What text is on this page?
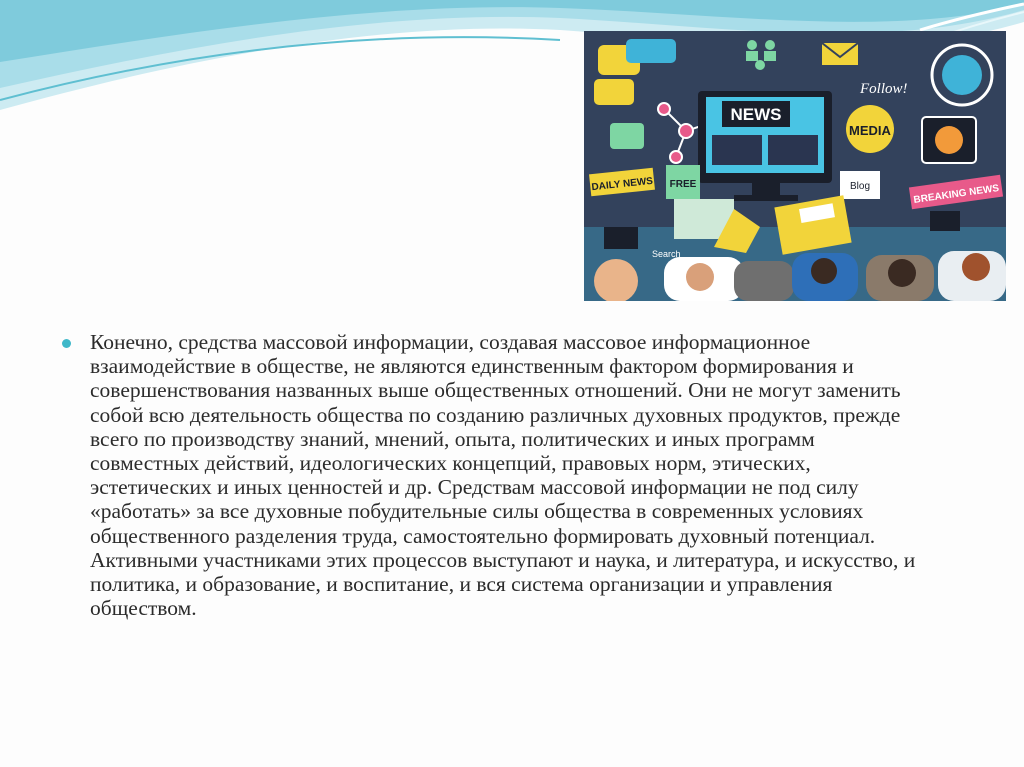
NEWS
Follow!
MEDIA
DAILY NEWS FREE	Blog	BREAKING NEWS
Search

Конечно, средства массовой информации, создавая массовое информационное взаимодействие в обществе, не являются единственным фактором формирования и совершенствования названных выше общественных отношений. Они не могут заменить собой всю деятельность общества по созданию различных духовных продуктов, прежде всего по производству знаний, мнений, опыта, политических и иных программ совместных действий, идеологических концепций, правовых норм, этических, эстетических и иных ценностей и др. Средствам массовой информации не под силу «работать» за все духовные побудительные силы общества в современных условиях общественного разделения труда, самостоятельно формировать духовный потенциал. Активными участниками этих процессов выступают и наука, и литература, и искусство, и политика, и образование, и воспитание, и вся система организации и управления обществом.
